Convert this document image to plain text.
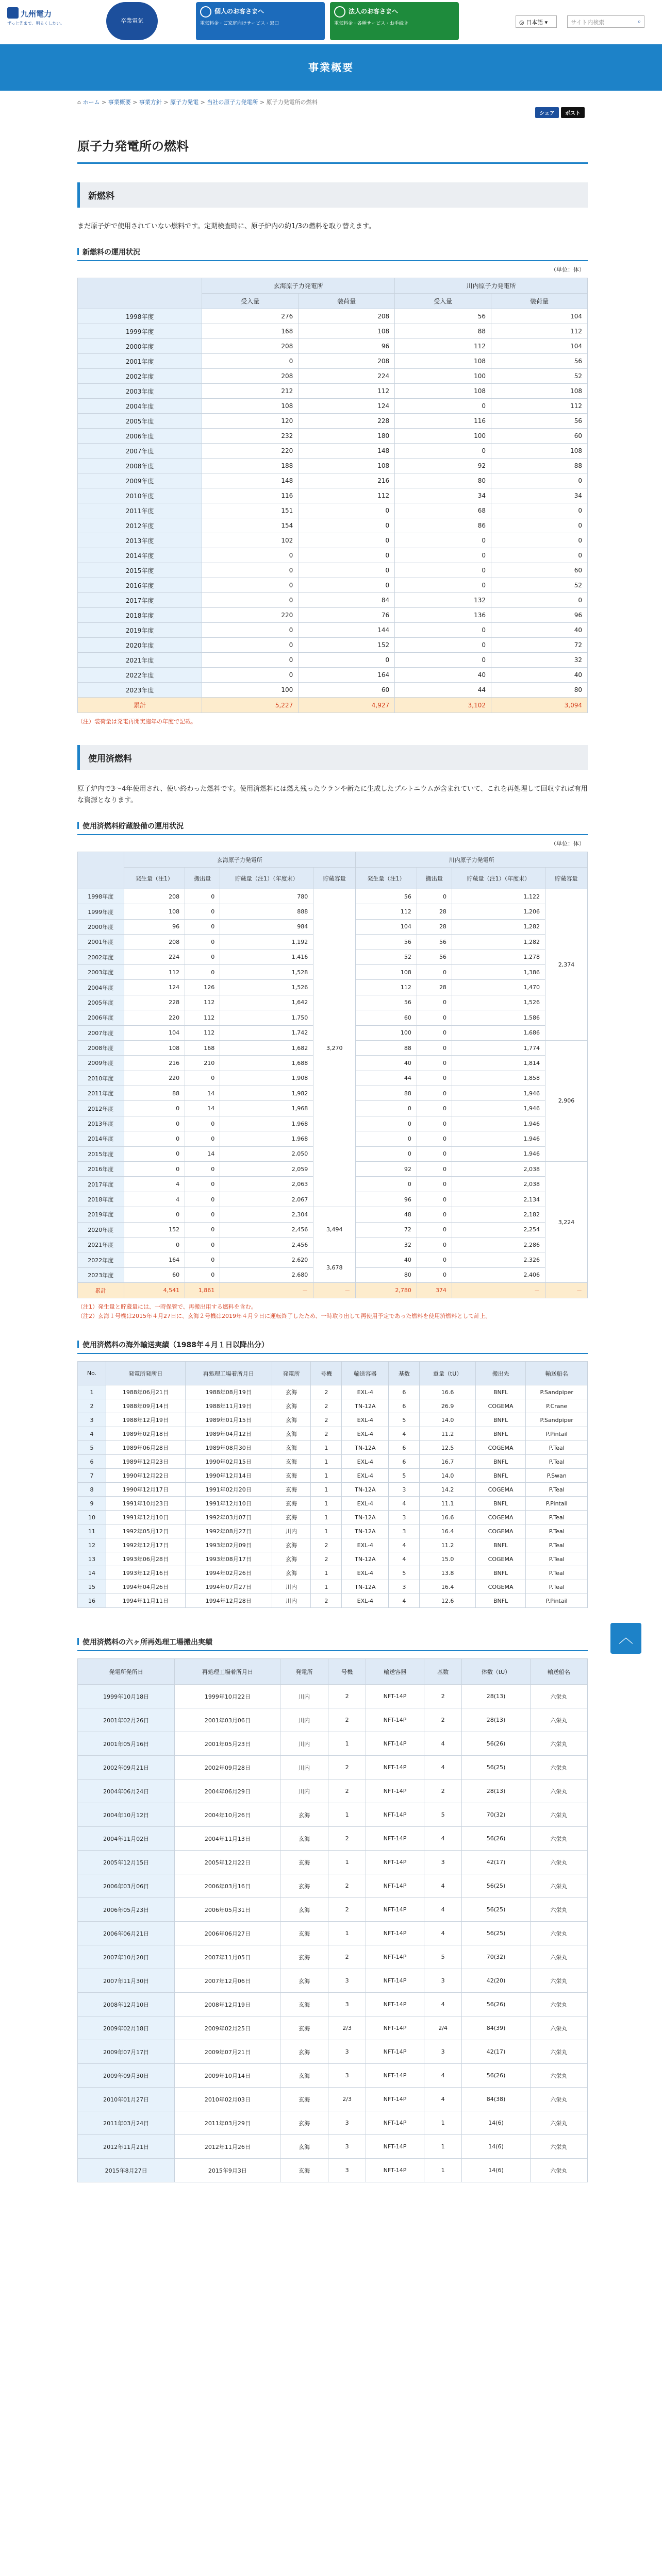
九州電力
ずっと先まで、明るくしたい。	卒業電気
個人のお客さまへ
電気料金・ご家庭向けサービス・窓口
法人のお客さまへ
電気料金・各種サービス・お手続き	◎ 日本語 ▾	サイト内検索	⌕
事業概要
⌂ ホーム > 事業概要 > 事業方針 > 原子力発電 > 当社の原子力発電所 > 原子力発電所の燃料
シェア ポスト
原子力発電所の燃料
新燃料

まだ原子炉で使用されていない燃料です。定期検査時に、原子炉内の約1/3の燃料を取り替えます。

新燃料の運用状況
（単位：体）
	玄海原子力発電所		川内原子力発電所	
	受入量	装荷量	受入量	装荷量
1998年度	276	208	56	104
1999年度	168	108	88	112
2000年度	208	96	112	104
2001年度	0	208	108	56
2002年度	208	224	100	52
2003年度	212	112	108	108
2004年度	108	124	0	112
2005年度	120	228	116	56
2006年度	232	180	100	60
2007年度	220	148	0	108
2008年度	188	108	92	88
2009年度	148	216	80	0
2010年度	116	112	34	34
2011年度	151	0	68	0
2012年度	154	0	86	0
2013年度	102	0	0	0
2014年度	0	0	0	0
2015年度	0	0	0	60
2016年度	0	0	0	52
2017年度	0	84	132	0
2018年度	220	76	136	96
2019年度	0	144	0	40
2020年度	0	152	0	72
2021年度	0	0	0	32
2022年度	0	164	40	40
2023年度	100	60	44	80
累計	5,227	4,927	3,102	3,094
（注）装荷量は発電再開実施年の年度で記載。
使用済燃料

原子炉内で3～4年使用され、使い終わった燃料です。使用済燃料には燃え残ったウランや新たに生成したプルトニウムが含まれていて、これを再処理して回収すれば有用な資源となります。

使用済燃料貯蔵設備の運用状況
（単位：体）
	玄海原子力発電所				川内原子力発電所			
	発生量（注1）	搬出量	貯蔵量（注1）（年度末）	貯蔵容量	発生量（注1）	搬出量	貯蔵量（注1）（年度末）	貯蔵容量
1998年度	208	0	780	3,270	56	0	1,122	2,374
1999年度	108	0	888		112	28	1,206	
2000年度	96	0	984		104	28	1,282	
2001年度	208	0	1,192		56	56	1,282	
2002年度	224	0	1,416		52	56	1,278	
2003年度	112	0	1,528		108	0	1,386	
2004年度	124	126	1,526		112	28	1,470	
2005年度	228	112	1,642		56	0	1,526	
2006年度	220	112	1,750		60	0	1,586	
2007年度	104	112	1,742		100	0	1,686	
2008年度	108	168	1,682		88	0	1,774	2,906
2009年度	216	210	1,688		40	0	1,814	
2010年度	220	0	1,908		44	0	1,858	
2011年度	88	14	1,982		88	0	1,946	
2012年度	0	14	1,968		0	0	1,946	
2013年度	0	0	1,968		0	0	1,946	
2014年度	0	0	1,968		0	0	1,946	
2015年度	0	14	2,050		0	0	1,946	
2016年度	0	0	2,059		92	0	2,038	3,224
2017年度	4	0	2,063		0	0	2,038	
2018年度	4	0	2,067		96	0	2,134	
2019年度	0	0	2,304	3,494	48	0	2,182	
2020年度	152	0	2,456		72	0	2,254	
2021年度	0	0	2,456		32	0	2,286	
2022年度	164	0	2,620	3,678	40	0	2,326	
2023年度	60	0	2,680		80	0	2,406	
累計	4,541	1,861	－	－	2,780	374	－	－
（注1）発生量と貯蔵量には、一時保管で、再搬出用する燃料を含む。
（注2）玄海１号機は2015年４月27日に、玄海２号機は2019年４月９日に運転終了したため、一時取り出して再使用予定であった燃料を使用済燃料として計上。
使用済燃料の海外輸送実績（1988年４月１日以降出分）
No.	発電所発所日	再処理工場着所月日	発電所	号機	輸送容器	基数	重量（tU）	搬出先	輸送船名
1	1988年06月21日	1988年08月19日	玄海	2	EXL-4	6	16.6	BNFL	P.Sandpiper
2	1988年09月14日	1988年11月19日	玄海	2	TN-12A	6	26.9	COGEMA	P.Crane
3	1988年12月19日	1989年01月15日	玄海	2	EXL-4	5	14.0	BNFL	P.Sandpiper
4	1989年02月18日	1989年04月12日	玄海	2	EXL-4	4	11.2	BNFL	P.Pintail
5	1989年06月28日	1989年08月30日	玄海	1	TN-12A	6	12.5	COGEMA	P.Teal
6	1989年12月23日	1990年02月15日	玄海	1	EXL-4	6	16.7	BNFL	P.Teal
7	1990年12月22日	1990年12月14日	玄海	1	EXL-4	5	14.0	BNFL	P.Swan
8	1990年12月17日	1991年02月20日	玄海	1	TN-12A	3	14.2	COGEMA	P.Teal
9	1991年10月23日	1991年12月10日	玄海	1	EXL-4	4	11.1	BNFL	P.Pintail
10	1991年12月10日	1992年03月07日	玄海	1	TN-12A	3	16.6	COGEMA	P.Teal
11	1992年05月12日	1992年08月27日	川内	1	TN-12A	3	16.4	COGEMA	P.Teal
12	1992年12月17日	1993年02月09日	玄海	2	EXL-4	4	11.2	BNFL	P.Teal
13	1993年06月28日	1993年08月17日	玄海	2	TN-12A	4	15.0	COGEMA	P.Teal
14	1993年12月16日	1994年02月26日	玄海	1	EXL-4	5	13.8	BNFL	P.Teal
15	1994年04月26日	1994年07月27日	川内	1	TN-12A	3	16.4	COGEMA	P.Teal
16	1994年11月11日	1994年12月28日	川内	2	EXL-4	4	12.6	BNFL	P.Pintail
使用済燃料の六ヶ所再処理工場搬出実績
発電所発所日	再処理工場着所月日	発電所	号機	輸送容器	基数	体数（tU）	輸送船名
1999年10月18日	1999年10月22日	川内	2	NFT-14P	2	28(13)	六栄丸
2001年02月26日	2001年03月06日	川内	2	NFT-14P	2	28(13)	六栄丸
2001年05月16日	2001年05月23日	川内	1	NFT-14P	4	56(26)	六栄丸
2002年09月21日	2002年09月28日	川内	2	NFT-14P	4	56(25)	六栄丸
2004年06月24日	2004年06月29日	川内	2	NFT-14P	2	28(13)	六栄丸
2004年10月12日	2004年10月26日	玄海	1	NFT-14P	5	70(32)	六栄丸
2004年11月02日	2004年11月13日	玄海	2	NFT-14P	4	56(26)	六栄丸
2005年12月15日	2005年12月22日	玄海	1	NFT-14P	3	42(17)	六栄丸
2006年03月06日	2006年03月16日	玄海	2	NFT-14P	4	56(25)	六栄丸
2006年05月23日	2006年05月31日	玄海	2	NFT-14P	4	56(25)	六栄丸
2006年06月21日	2006年06月27日	玄海	1	NFT-14P	4	56(25)	六栄丸
2007年10月20日	2007年11月05日	玄海	2	NFT-14P	5	70(32)	六栄丸
2007年11月30日	2007年12月06日	玄海	3	NFT-14P	3	42(20)	六栄丸
2008年12月10日	2008年12月19日	玄海	3	NFT-14P	4	56(26)	六栄丸
2009年02月18日	2009年02月25日	玄海	2/3	NFT-14P	2/4	84(39)	六栄丸
2009年07月17日	2009年07月21日	玄海	3	NFT-14P	3	42(17)	六栄丸
2009年09月30日	2009年10月14日	玄海	3	NFT-14P	4	56(26)	六栄丸
2010年01月27日	2010年02月03日	玄海	2/3	NFT-14P	4	84(38)	六栄丸
2011年03月24日	2011年03月29日	玄海	3	NFT-14P	1	14(6)	六栄丸
2012年11月21日	2012年11月26日	玄海	3	NFT-14P	1	14(6)	六栄丸
2015年8月27日	2015年9月3日	玄海	3	NFT-14P	1	14(6)	六栄丸
︿
